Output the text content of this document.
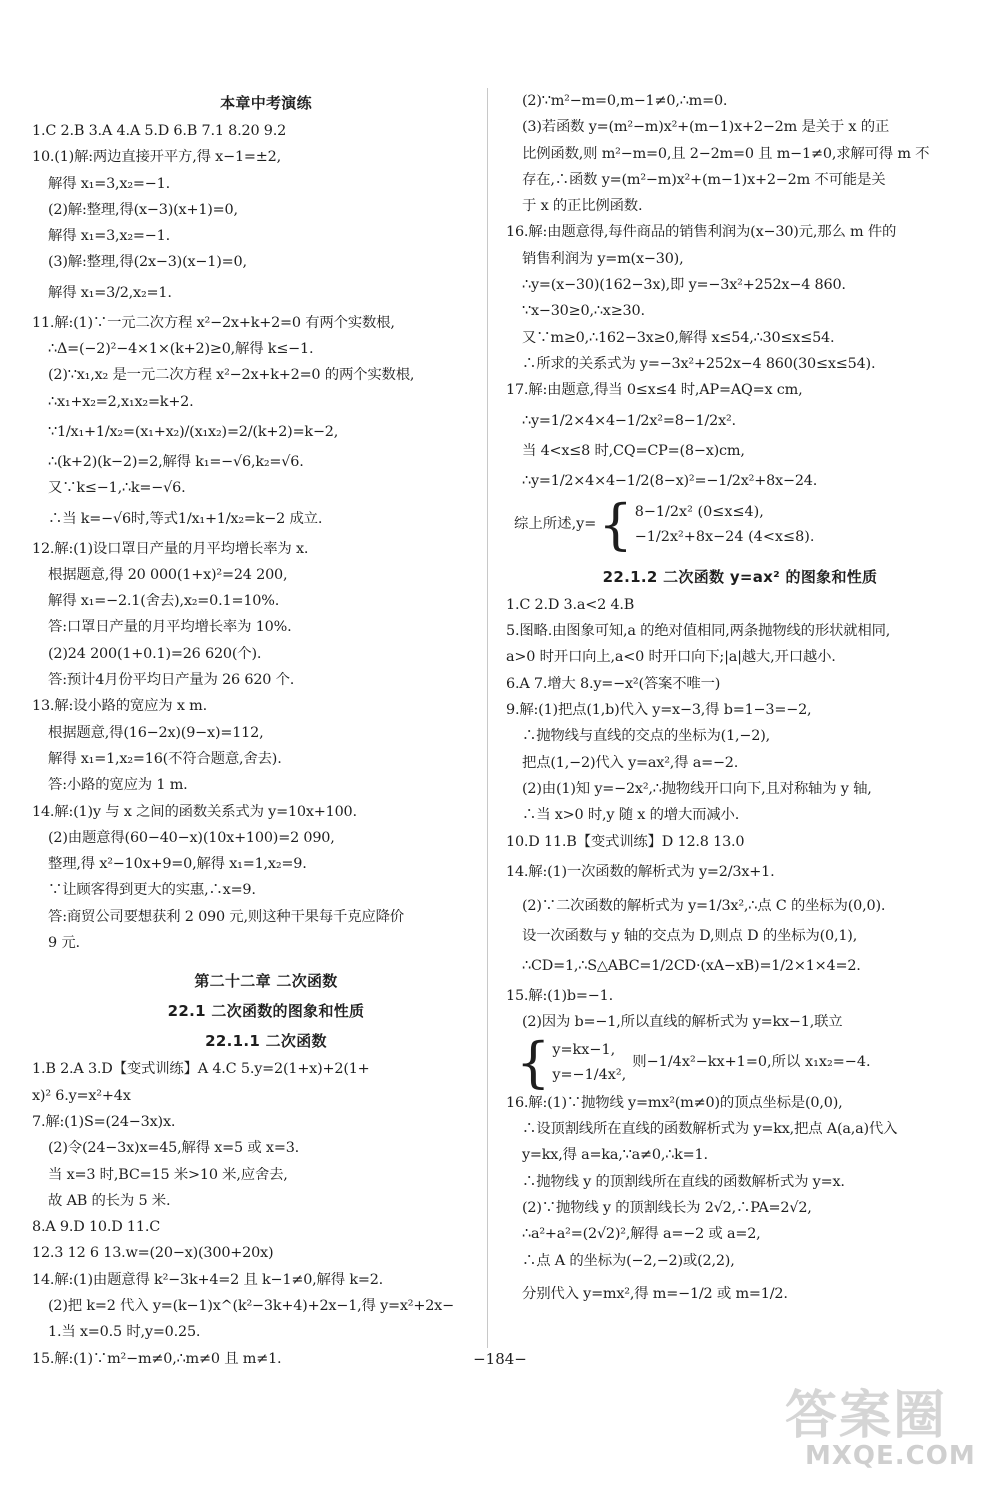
本章中考演练
1.C 2.B 3.A 4.A 5.D 6.B 7.1 8.20 9.2
10.(1)解:两边直接开平方,得 x−1=±2,
解得 x₁=3,x₂=−1.
(2)解:整理,得(x−3)(x+1)=0,
解得 x₁=3,x₂=−1.
(3)解:整理,得(2x−3)(x−1)=0,
解得 x₁=3/2,x₂=1.
11.解:(1)∵一元二次方程 x²−2x+k+2=0 有两个实数根,
∴Δ=(−2)²−4×1×(k+2)≥0,解得 k≤−1.
(2)∵x₁,x₂ 是一元二次方程 x²−2x+k+2=0 的两个实数根,
∴x₁+x₂=2,x₁x₂=k+2.
∵1/x₁+1/x₂=(x₁+x₂)/(x₁x₂)=2/(k+2)=k−2,
∴(k+2)(k−2)=2,解得 k₁=−√6,k₂=√6.
又∵k≤−1,∴k=−√6.
∴当 k=−√6时,等式1/x₁+1/x₂=k−2 成立.
12.解:(1)设口罩日产量的月平均增长率为 x.
根据题意,得 20 000(1+x)²=24 200,
解得 x₁=−2.1(舍去),x₂=0.1=10%.
答:口罩日产量的月平均增长率为 10%.
(2)24 200(1+0.1)=26 620(个).
答:预计4月份平均日产量为 26 620 个.
13.解:设小路的宽应为 x m.
根据题意,得(16−2x)(9−x)=112,
解得 x₁=1,x₂=16(不符合题意,舍去).
答:小路的宽应为 1 m.
14.解:(1)y 与 x 之间的函数关系式为 y=10x+100.
(2)由题意得(60−40−x)(10x+100)=2 090,
整理,得 x²−10x+9=0,解得 x₁=1,x₂=9.
∵让顾客得到更大的实惠,∴x=9.
答:商贸公司要想获利 2 090 元,则这种干果每千克应降价
9 元.
第二十二章 二次函数
22.1 二次函数的图象和性质
22.1.1 二次函数
1.B 2.A 3.D【变式训练】A 4.C 5.y=2(1+x)+2(1+
x)² 6.y=x²+4x
7.解:(1)S=(24−3x)x.
(2)令(24−3x)x=45,解得 x=5 或 x=3.
当 x=3 时,BC=15 米>10 米,应舍去,
故 AB 的长为 5 米.
8.A 9.D 10.D 11.C
12.3 12 6 13.w=(20−x)(300+20x)
14.解:(1)由题意得 k²−3k+4=2 且 k−1≠0,解得 k=2.
(2)把 k=2 代入 y=(k−1)x^(k²−3k+4)+2x−1,得 y=x²+2x−
1.当 x=0.5 时,y=0.25.
15.解:(1)∵m²−m≠0,∴m≠0 且 m≠1.
(2)∵m²−m=0,m−1≠0,∴m=0.
(3)若函数 y=(m²−m)x²+(m−1)x+2−2m 是关于 x 的正
比例函数,则 m²−m=0,且 2−2m=0 且 m−1≠0,求解可得 m 不
存在,∴函数 y=(m²−m)x²+(m−1)x+2−2m 不可能是关
于 x 的正比例函数.
16.解:由题意得,每件商品的销售利润为(x−30)元,那么 m 件的
销售利润为 y=m(x−30),
∴y=(x−30)(162−3x),即 y=−3x²+252x−4 860.
∵x−30≥0,∴x≥30.
又∵m≥0,∴162−3x≥0,解得 x≤54,∴30≤x≤54.
∴所求的关系式为 y=−3x²+252x−4 860(30≤x≤54).
17.解:由题意,得当 0≤x≤4 时,AP=AQ=x cm,
∴y=1/2×4×4−1/2x²=8−1/2x².
当 4<x≤8 时,CQ=CP=(8−x)cm,
∴y=1/2×4×4−1/2(8−x)²=−1/2x²+8x−24.
综上所述,y= { 8−1/2x² (0≤x≤4),
−1/2x²+8x−24 (4<x≤8).
22.1.2 二次函数 y=ax² 的图象和性质
1.C 2.D 3.a<2 4.B
5.图略.由图象可知,a 的绝对值相同,两条抛物线的形状就相同,
a>0 时开口向上,a<0 时开口向下;|a|越大,开口越小.
6.A 7.增大 8.y=−x²(答案不唯一)
9.解:(1)把点(1,b)代入 y=x−3,得 b=1−3=−2,
∴抛物线与直线的交点的坐标为(1,−2),
把点(1,−2)代入 y=ax²,得 a=−2.
(2)由(1)知 y=−2x²,∴抛物线开口向下,且对称轴为 y 轴,
∴当 x>0 时,y 随 x 的增大而减小.
10.D 11.B【变式训练】D 12.8 13.0
14.解:(1)一次函数的解析式为 y=2/3x+1.
(2)∵二次函数的解析式为 y=1/3x²,∴点 C 的坐标为(0,0).
设一次函数与 y 轴的交点为 D,则点 D 的坐标为(0,1),
∴CD=1,∴S△ABC=1/2CD·(xA−xB)=1/2×1×4=2.
15.解:(1)b=−1.
(2)因为 b=−1,所以直线的解析式为 y=kx−1,联立
{ y=kx−1,
y=−1/4x²,
则−1/4x²−kx+1=0,所以 x₁x₂=−4.
16.解:(1)∵抛物线 y=mx²(m≠0)的顶点坐标是(0,0),
∴设顶割线所在直线的函数解析式为 y=kx,把点 A(a,a)代入
y=kx,得 a=ka,∵a≠0,∴k=1.
∴抛物线 y 的顶割线所在直线的函数解析式为 y=x.
(2)∵抛物线 y 的顶割线长为 2√2,∴PA=2√2,
∴a²+a²=(2√2)²,解得 a=−2 或 a=2,
∴点 A 的坐标为(−2,−2)或(2,2),
分别代入 y=mx²,得 m=−1/2 或 m=1/2.
−184−
答案圈
MXQE.COM
